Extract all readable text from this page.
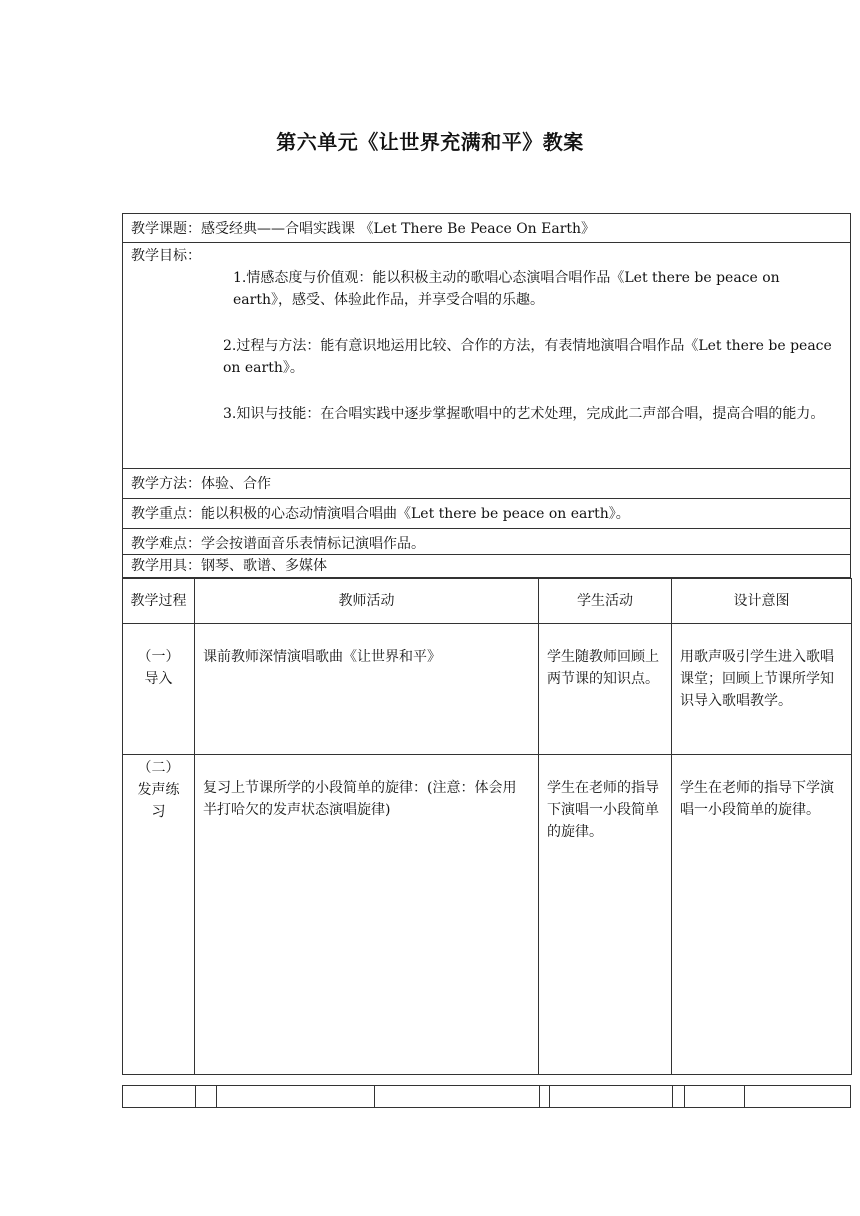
第六单元《让世界充满和平》教案
教学课题：感受经典——合唱实践课 《Let There Be Peace On Earth》
教学目标：
1.情感态度与价值观：能以积极主动的歌唱心态演唱合唱作品《Let there be peace on earth》，感受、体验此作品，并享受合唱的乐趣。
2.过程与方法：能有意识地运用比较、合作的方法，有表情地演唱合唱作品《Let there be peace on earth》。
3.知识与技能：在合唱实践中逐步掌握歌唱中的艺术处理，完成此二声部合唱，提高合唱的能力。
教学方法：体验、合作
教学重点：能以积极的心态动情演唱合唱曲《Let there be peace on earth》。
教学难点：学会按谱面音乐表情标记演唱作品。
教学用具：钢琴、歌谱、多媒体
教学过程	教师活动	学生活动	设计意图
（一）导入	课前教师深情演唱歌曲《让世界和平》	学生随教师回顾上两节课的知识点。	用歌声吸引学生进入歌唱课堂；回顾上节课所学知识导入歌唱教学。
（二）发声练习	复习上节课所学的小段简单的旋律：(注意：体会用半打哈欠的发声状态演唱旋律)	学生在老师的指导下演唱一小段简单的旋律。	学生在老师的指导下学演唱一小段简单的旋律。
